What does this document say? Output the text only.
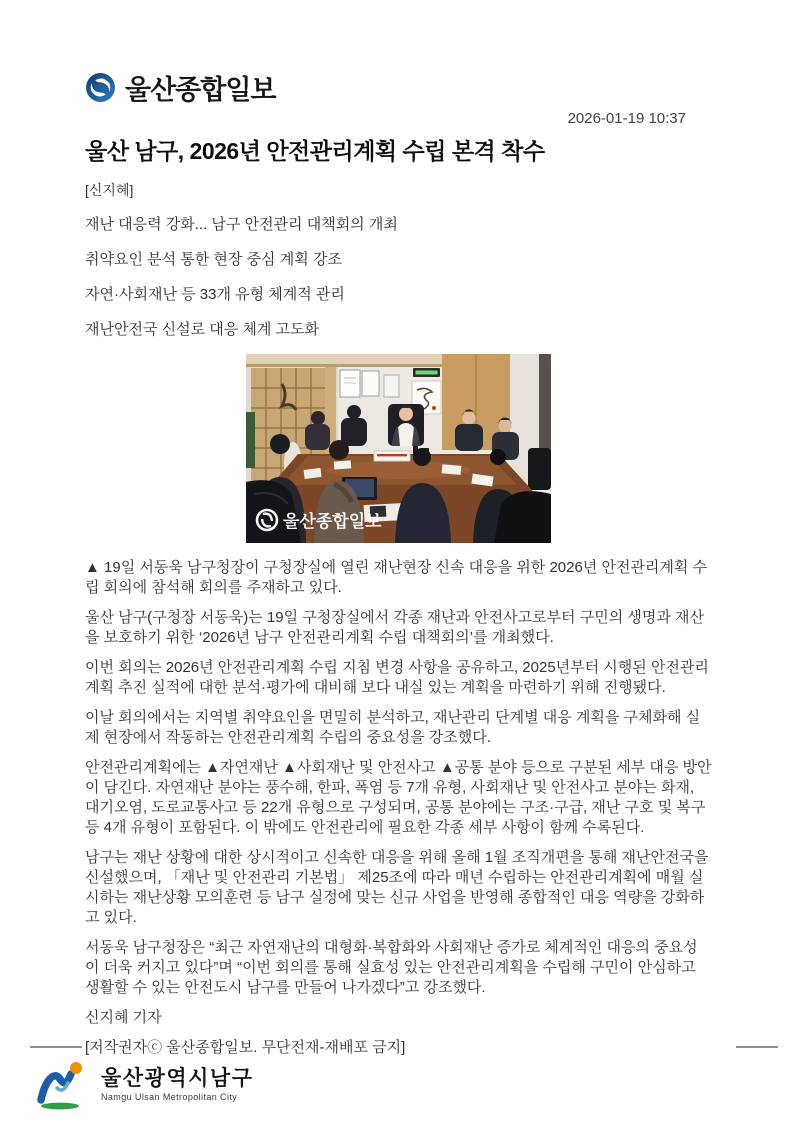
울산종합일보
2026-01-19 10:37
울산 남구, 2026년 안전관리계획 수립 본격 착수
[신지혜]
재난 대응력 강화... 남구 안전관리 대책회의 개최
취약요인 분석 통한 현장 중심 계획 강조
자연·사회재난 등 33개 유형 체계적 관리
재난안전국 신설로 대응 체계 고도화
울산종합일보
▲ 19일 서동욱 남구청장이 구청장실에 열린 재난현장 신속 대응을 위한 2026년 안전관리계획 수립 회의에 참석해 회의를 주재하고 있다.
울산 남구(구청장 서동욱)는 19일 구청장실에서 각종 재난과 안전사고로부터 구민의 생명과 재산을 보호하기 위한 ‘2026년 남구 안전관리계획 수립 대책회의’를 개최했다.
이번 회의는 2026년 안전관리계획 수립 지침 변경 사항을 공유하고, 2025년부터 시행된 안전관리계획 추진 실적에 대한 분석·평가에 대비해 보다 내실 있는 계획을 마련하기 위해 진행됐다.
이날 회의에서는 지역별 취약요인을 면밀히 분석하고, 재난관리 단계별 대응 계획을 구체화해 실제 현장에서 작동하는 안전관리계획 수립의 중요성을 강조했다.
안전관리계획에는 ▲자연재난 ▲사회재난 및 안전사고 ▲공통 분야 등으로 구분된 세부 대응 방안이 담긴다. 자연재난 분야는 풍수해, 한파, 폭염 등 7개 유형, 사회재난 및 안전사고 분야는 화재, 대기오염, 도로교통사고 등 22개 유형으로 구성되며, 공통 분야에는 구조·구급, 재난 구호 및 복구 등 4개 유형이 포함된다. 이 밖에도 안전관리에 필요한 각종 세부 사항이 함께 수록된다.
남구는 재난 상황에 대한 상시적이고 신속한 대응을 위해 올해 1월 조직개편을 통해 재난안전국을 신설했으며, 「재난 및 안전관리 기본법」 제25조에 따라 매년 수립하는 안전관리계획에 매월 실시하는 재난상황 모의훈련 등 남구 실정에 맞는 신규 사업을 반영해 종합적인 대응 역량을 강화하고 있다.
서동욱 남구청장은 “최근 자연재난의 대형화·복합화와 사회재난 증가로 체계적인 대응의 중요성이 더욱 커지고 있다”며 “이번 회의를 통해 실효성 있는 안전관리계획을 수립해 구민이 안심하고 생활할 수 있는 안전도시 남구를 만들어 나가겠다”고 강조했다.
신지혜 기자
[저작권자ⓒ 울산종합일보. 무단전재-재배포 금지]
울산광역시남구
Namgu Ulsan Metropolitan City
